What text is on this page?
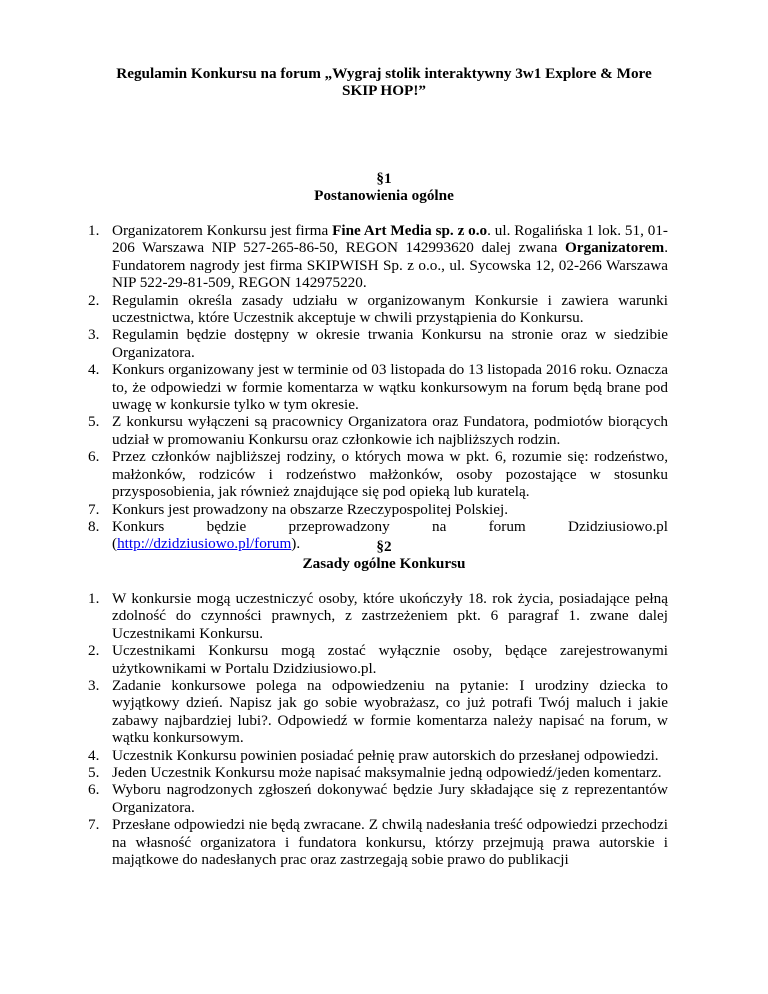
Regulamin Konkursu na forum „Wygraj stolik interaktywny 3w1 Explore & More
SKIP HOP!”
§1
Postanowienia ogólne
1. Organizatorem Konkursu jest firma Fine Art Media sp. z o.o. ul. Rogalińska 1 lok. 51, 01-206 Warszawa NIP 527-265-86-50, REGON 142993620 dalej zwana Organizatorem. Fundatorem nagrody jest firma SKIPWISH Sp. z o.o., ul. Sycowska 12, 02-266 Warszawa NIP 522-29-81-509, REGON 142975220.
2. Regulamin określa zasady udziału w organizowanym Konkursie i zawiera warunki uczestnictwa, które Uczestnik akceptuje w chwili przystąpienia do Konkursu.
3. Regulamin będzie dostępny w okresie trwania Konkursu na stronie oraz w siedzibie Organizatora.
4. Konkurs organizowany jest w terminie od 03 listopada do 13 listopada 2016 roku. Oznacza to, że odpowiedzi w formie komentarza w wątku konkursowym na forum będą brane pod uwagę w konkursie tylko w tym okresie.
5. Z konkursu wyłączeni są pracownicy Organizatora oraz Fundatora, podmiotów biorących udział w promowaniu Konkursu oraz członkowie ich najbliższych rodzin.
6. Przez członków najbliższej rodziny, o których mowa w pkt. 6, rozumie się: rodzeństwo, małżonków, rodziców i rodzeństwo małżonków, osoby pozostające w stosunku przysposobienia, jak również znajdujące się pod opieką lub kuratelą.
7. Konkurs jest prowadzony na obszarze Rzeczypospolitej Polskiej.
8. Konkurs będzie przeprowadzony na forum Dzidziusiowo.pl
(http://dzidziusiowo.pl/forum).	§2
Zasady ogólne Konkursu
1. W konkursie mogą uczestniczyć osoby, które ukończyły 18. rok życia, posiadające pełną zdolność do czynności prawnych, z zastrzeżeniem pkt. 6 paragraf 1. zwane dalej Uczestnikami Konkursu.
2. Uczestnikami Konkursu mogą zostać wyłącznie osoby, będące zarejestrowanymi użytkownikami w Portalu Dzidziusiowo.pl.
3. Zadanie konkursowe polega na odpowiedzeniu na pytanie: I urodziny dziecka to wyjątkowy dzień. Napisz jak go sobie wyobrażasz, co już potrafi Twój maluch i jakie zabawy najbardziej lubi?. Odpowiedź w formie komentarza należy napisać na forum, w wątku konkursowym.
4. Uczestnik Konkursu powinien posiadać pełnię praw autorskich do przesłanej odpowiedzi.
5. Jeden Uczestnik Konkursu może napisać maksymalnie jedną odpowiedź/jeden komentarz.
6. Wyboru nagrodzonych zgłoszeń dokonywać będzie Jury składające się z reprezentantów Organizatora.
7. Przesłane odpowiedzi nie będą zwracane. Z chwilą nadesłania treść odpowiedzi przechodzi na własność organizatora i fundatora konkursu, którzy przejmują prawa autorskie i majątkowe do nadesłanych prac oraz zastrzegają sobie prawo do publikacji
